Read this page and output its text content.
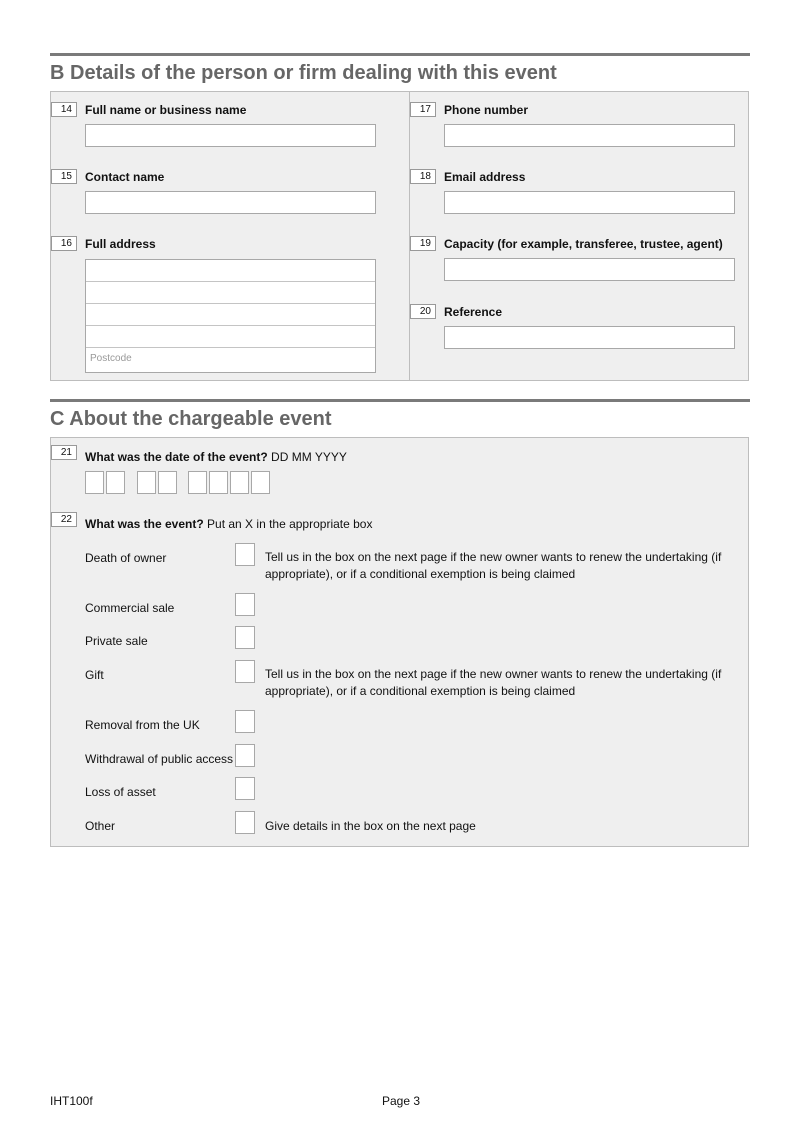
B Details of the person or firm dealing with this event
14	Full name or business name
15	Contact name
16	Full address
Postcode
17	Phone number
18	Email address
19	Capacity (for example, transferee, trustee, agent)
20	Reference
C About the chargeable event
21	What was the date of the event? DD MM YYYY
22	What was the event? Put an X in the appropriate box
Death of owner	Tell us in the box on the next page if the new owner wants to renew the undertaking (if appropriate), or if a conditional exemption is being claimed
Commercial sale
Private sale
Gift	Tell us in the box on the next page if the new owner wants to renew the undertaking (if appropriate), or if a conditional exemption is being claimed
Removal from the UK
Withdrawal of public access
Loss of asset
Other	Give details in the box on the next page
IHT100f	Page 3
